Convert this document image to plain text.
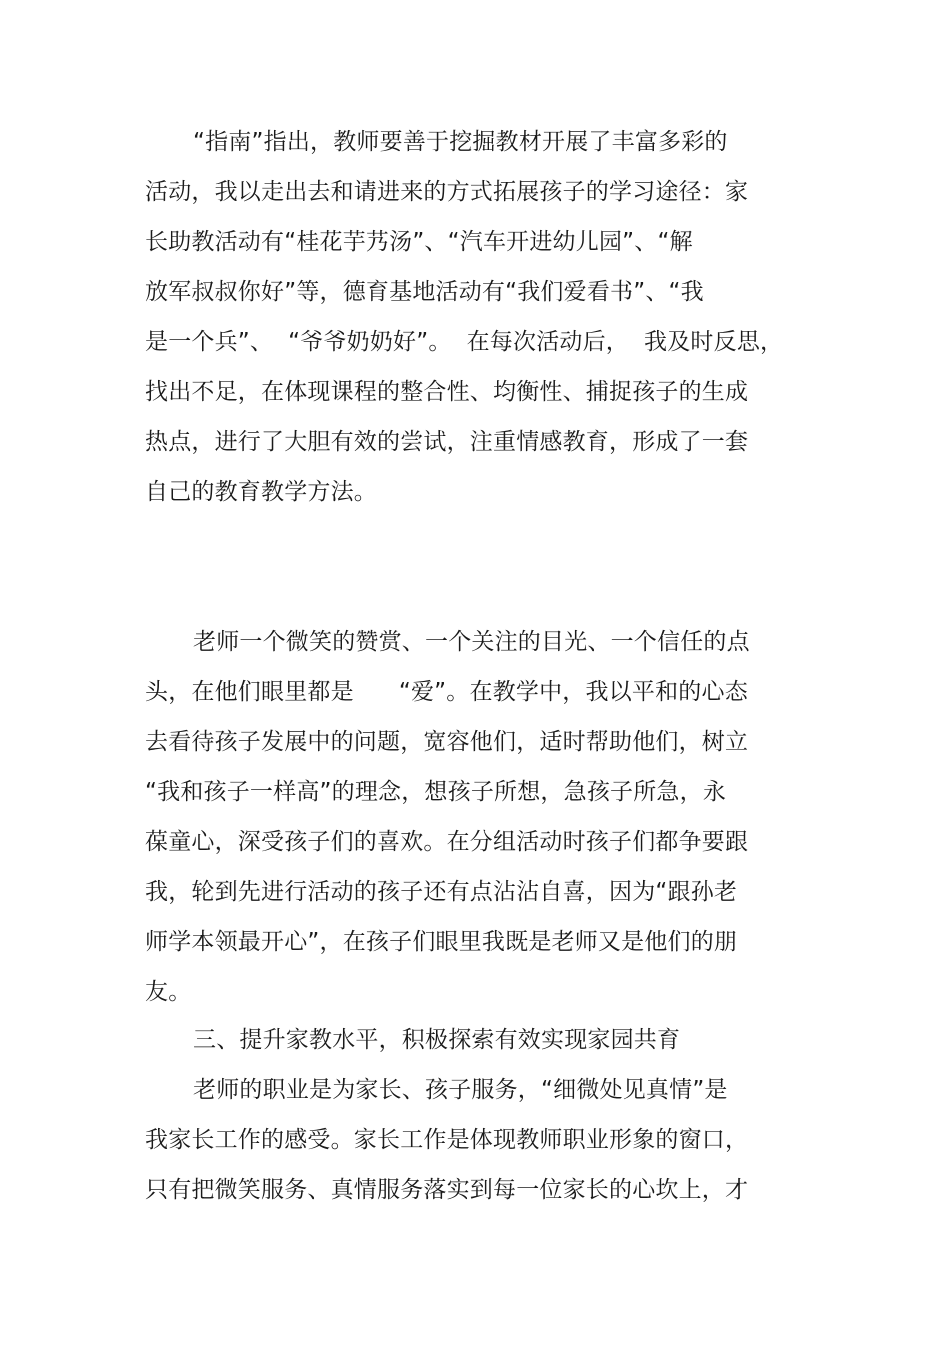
“指南”指出，教师要善于挖掘教材开展了丰富多彩的
活动，我以走出去和请进来的方式拓展孩子的学习途径：家
长助教活动有“桂花芋艿汤”、“汽车开进幼儿园”、“解
放军叔叔你好”等，德育基地活动有“我们爱看书”、“我
是一个兵”、  “爷爷奶奶好”。  在每次活动后，  我及时反思，
找出不足，在体现课程的整合性、均衡性、捕捉孩子的生成
热点，进行了大胆有效的尝试，注重情感教育，形成了一套
自己的教育教学方法。
老师一个微笑的赞赏、一个关注的目光、一个信任的点
头，在他们眼里都是      “爱”。在教学中，我以平和的心态
去看待孩子发展中的问题，宽容他们，适时帮助他们，树立
“我和孩子一样高”的理念，想孩子所想，急孩子所急，永
葆童心，深受孩子们的喜欢。在分组活动时孩子们都争要跟
我，轮到先进行活动的孩子还有点沾沾自喜，因为“跟孙老
师学本领最开心”，在孩子们眼里我既是老师又是他们的朋
友。
三、提升家教水平，积极探索有效实现家园共育
老师的职业是为家长、孩子服务，“细微处见真情”是
我家长工作的感受。家长工作是体现教师职业形象的窗口，
只有把微笑服务、真情服务落实到每一位家长的心坎上，才
